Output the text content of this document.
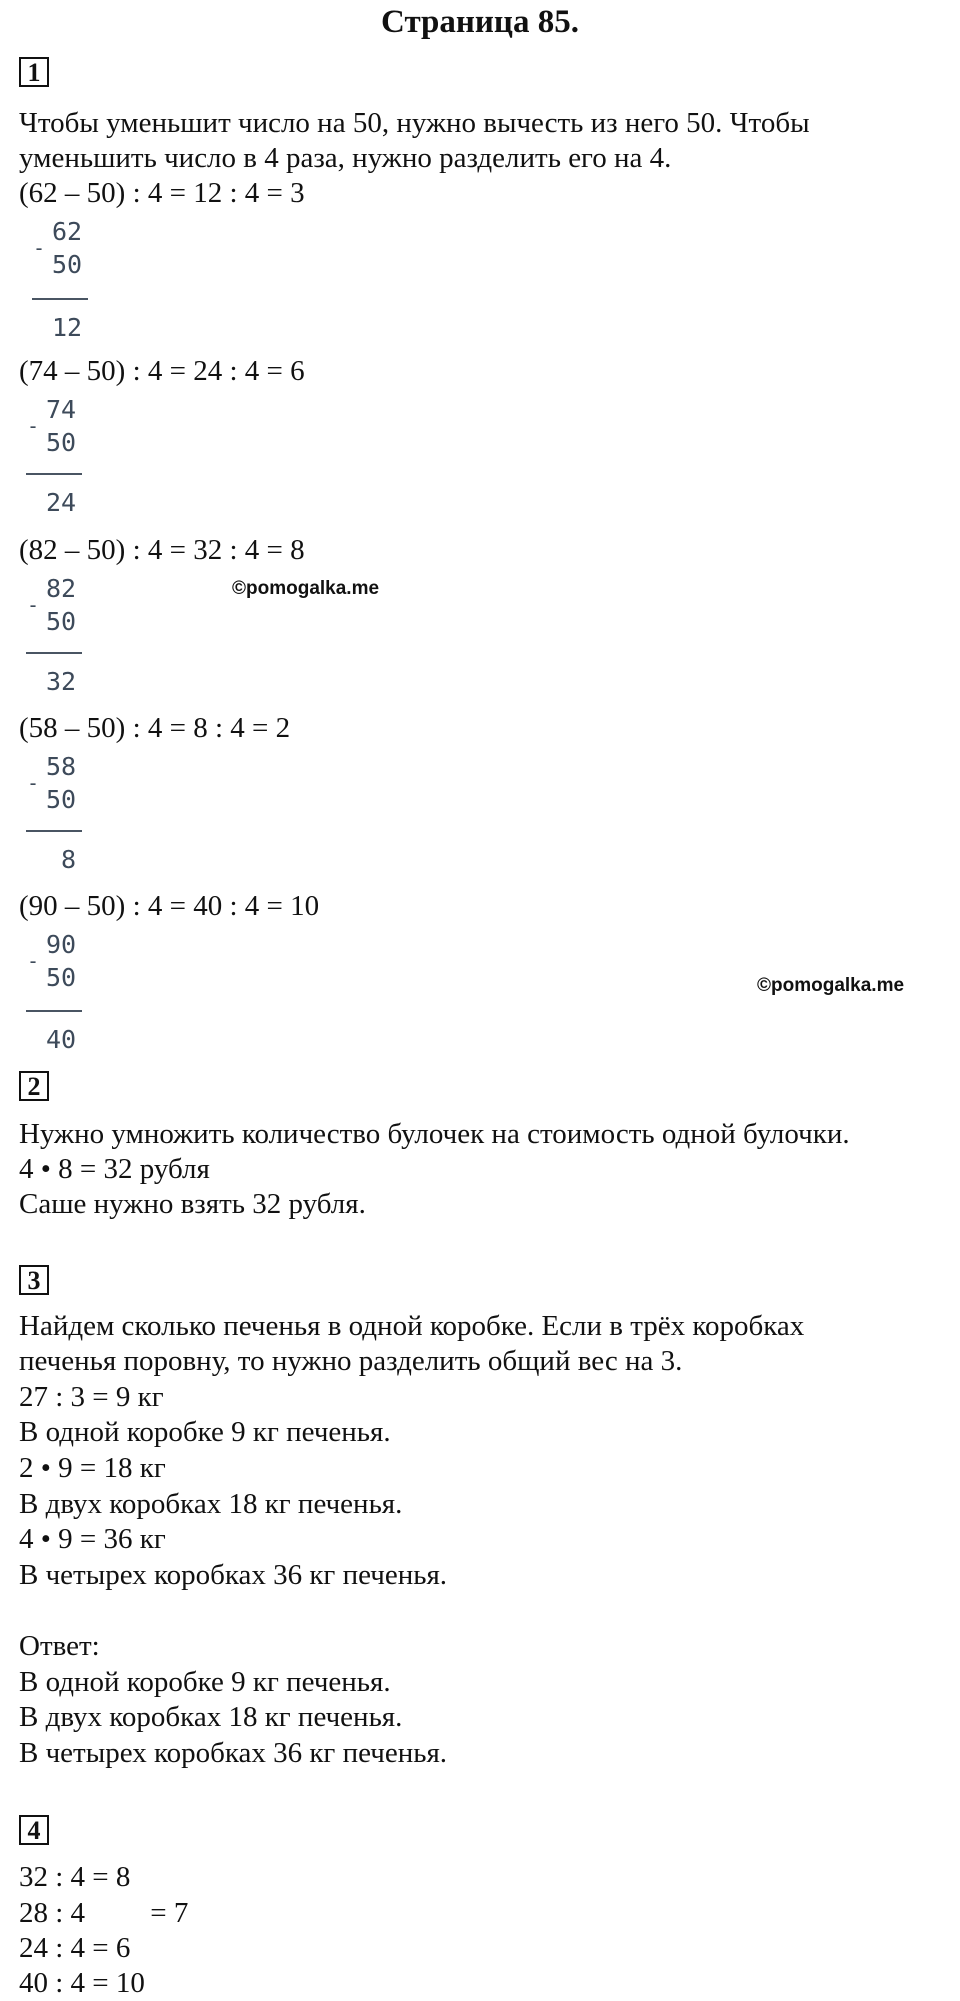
Страница 85.
1
Чтобы уменьшит число на 50, нужно вычесть из него 50. Чтобы
уменьшить число в 4 раза, нужно разделить его на 4.
(62 – 50) : 4 = 12 : 4 = 3
62
-
50
12
(74 – 50) : 4 = 24 : 4 = 6
74
-
50
24
(82 – 50) : 4 = 32 : 4 = 8
82
-
50
32
©pomogalka.me
(58 – 50) : 4 = 8 : 4 = 2
58
-
50
8
(90 – 50) : 4 = 40 : 4 = 10
90
-
50
40
©pomogalka.me
2
Нужно умножить количество булочек на стоимость одной булочки.
4 • 8 = 32 рубля
Саше нужно взять 32 рубля.
3
Найдем сколько печенья в одной коробке. Если в трёх коробках
печенья поровну, то нужно разделить общий вес на 3.
27 : 3 = 9 кг
В одной коробке 9 кг печенья.
2 • 9 = 18 кг
В двух коробках 18 кг печенья.
4 • 9 = 36 кг
В четырех коробках 36 кг печенья.
Ответ:
В одной коробке 9 кг печенья.
В двух коробках 18 кг печенья.
В четырех коробках 36 кг печенья.
4
32 : 4 = 8
28 : 4         = 7
24 : 4 = 6
40 : 4 = 10
